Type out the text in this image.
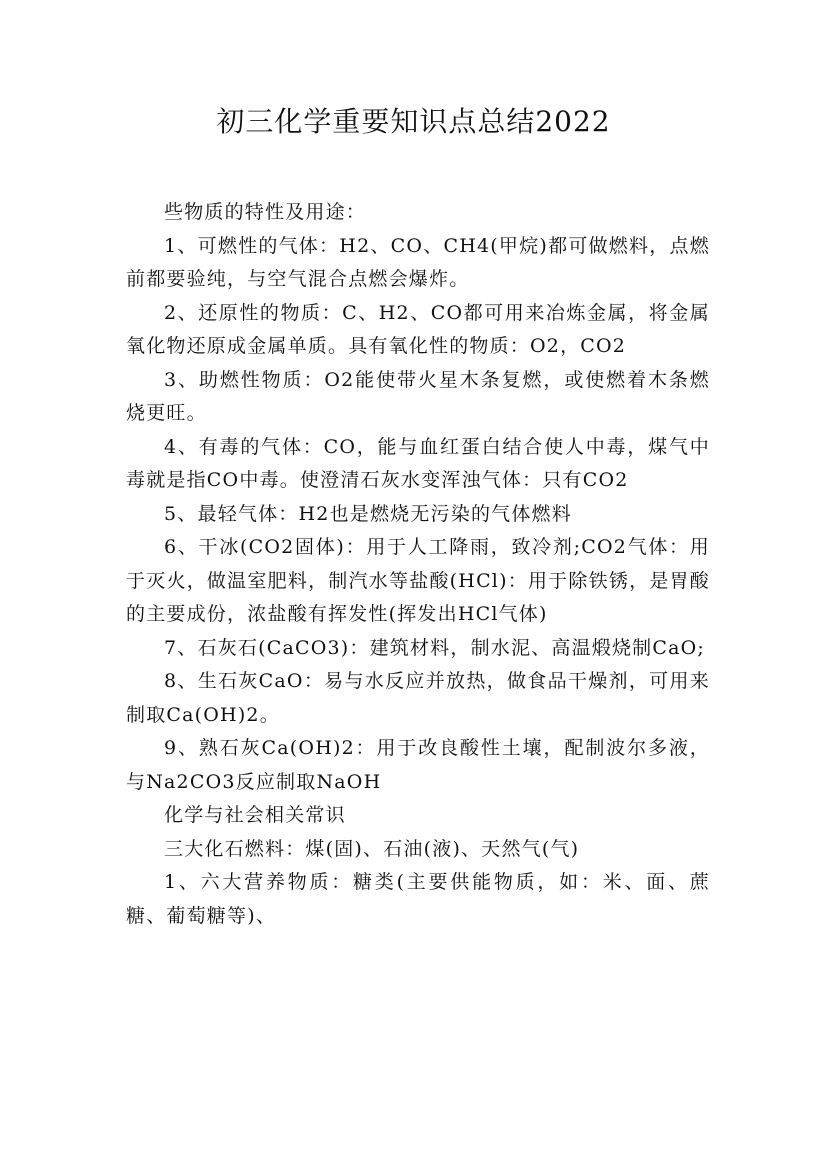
初三化学重要知识点总结2022

些物质的特性及用途：

1、可燃性的气体：H2、CO、CH4(甲烷)都可做燃料，点燃前都要验纯，与空气混合点燃会爆炸。

2、还原性的物质：C、H2、CO都可用来冶炼金属，将金属氧化物还原成金属单质。具有氧化性的物质：O2，CO2

3、助燃性物质：O2能使带火星木条复燃，或使燃着木条燃烧更旺。

4、有毒的气体：CO，能与血红蛋白结合使人中毒，煤气中毒就是指CO中毒。使澄清石灰水变浑浊气体：只有CO2

5、最轻气体：H2也是燃烧无污染的气体燃料

6、干冰(CO2固体)：用于人工降雨，致冷剂;CO2气体：用于灭火，做温室肥料，制汽水等盐酸(HCl)：用于除铁锈，是胃酸的主要成份，浓盐酸有挥发性(挥发出HCl气体)

7、石灰石(CaCO3)：建筑材料，制水泥、高温煅烧制CaO;

8、生石灰CaO：易与水反应并放热，做食品干燥剂，可用来制取Ca(OH)2。

9、熟石灰Ca(OH)2：用于改良酸性土壤，配制波尔多液，与Na2CO3反应制取NaOH

化学与社会相关常识

三大化石燃料：煤(固)、石油(液)、天然气(气)

1、六大营养物质：糖类(主要供能物质，如：米、面、蔗糖、葡萄糖等)、
